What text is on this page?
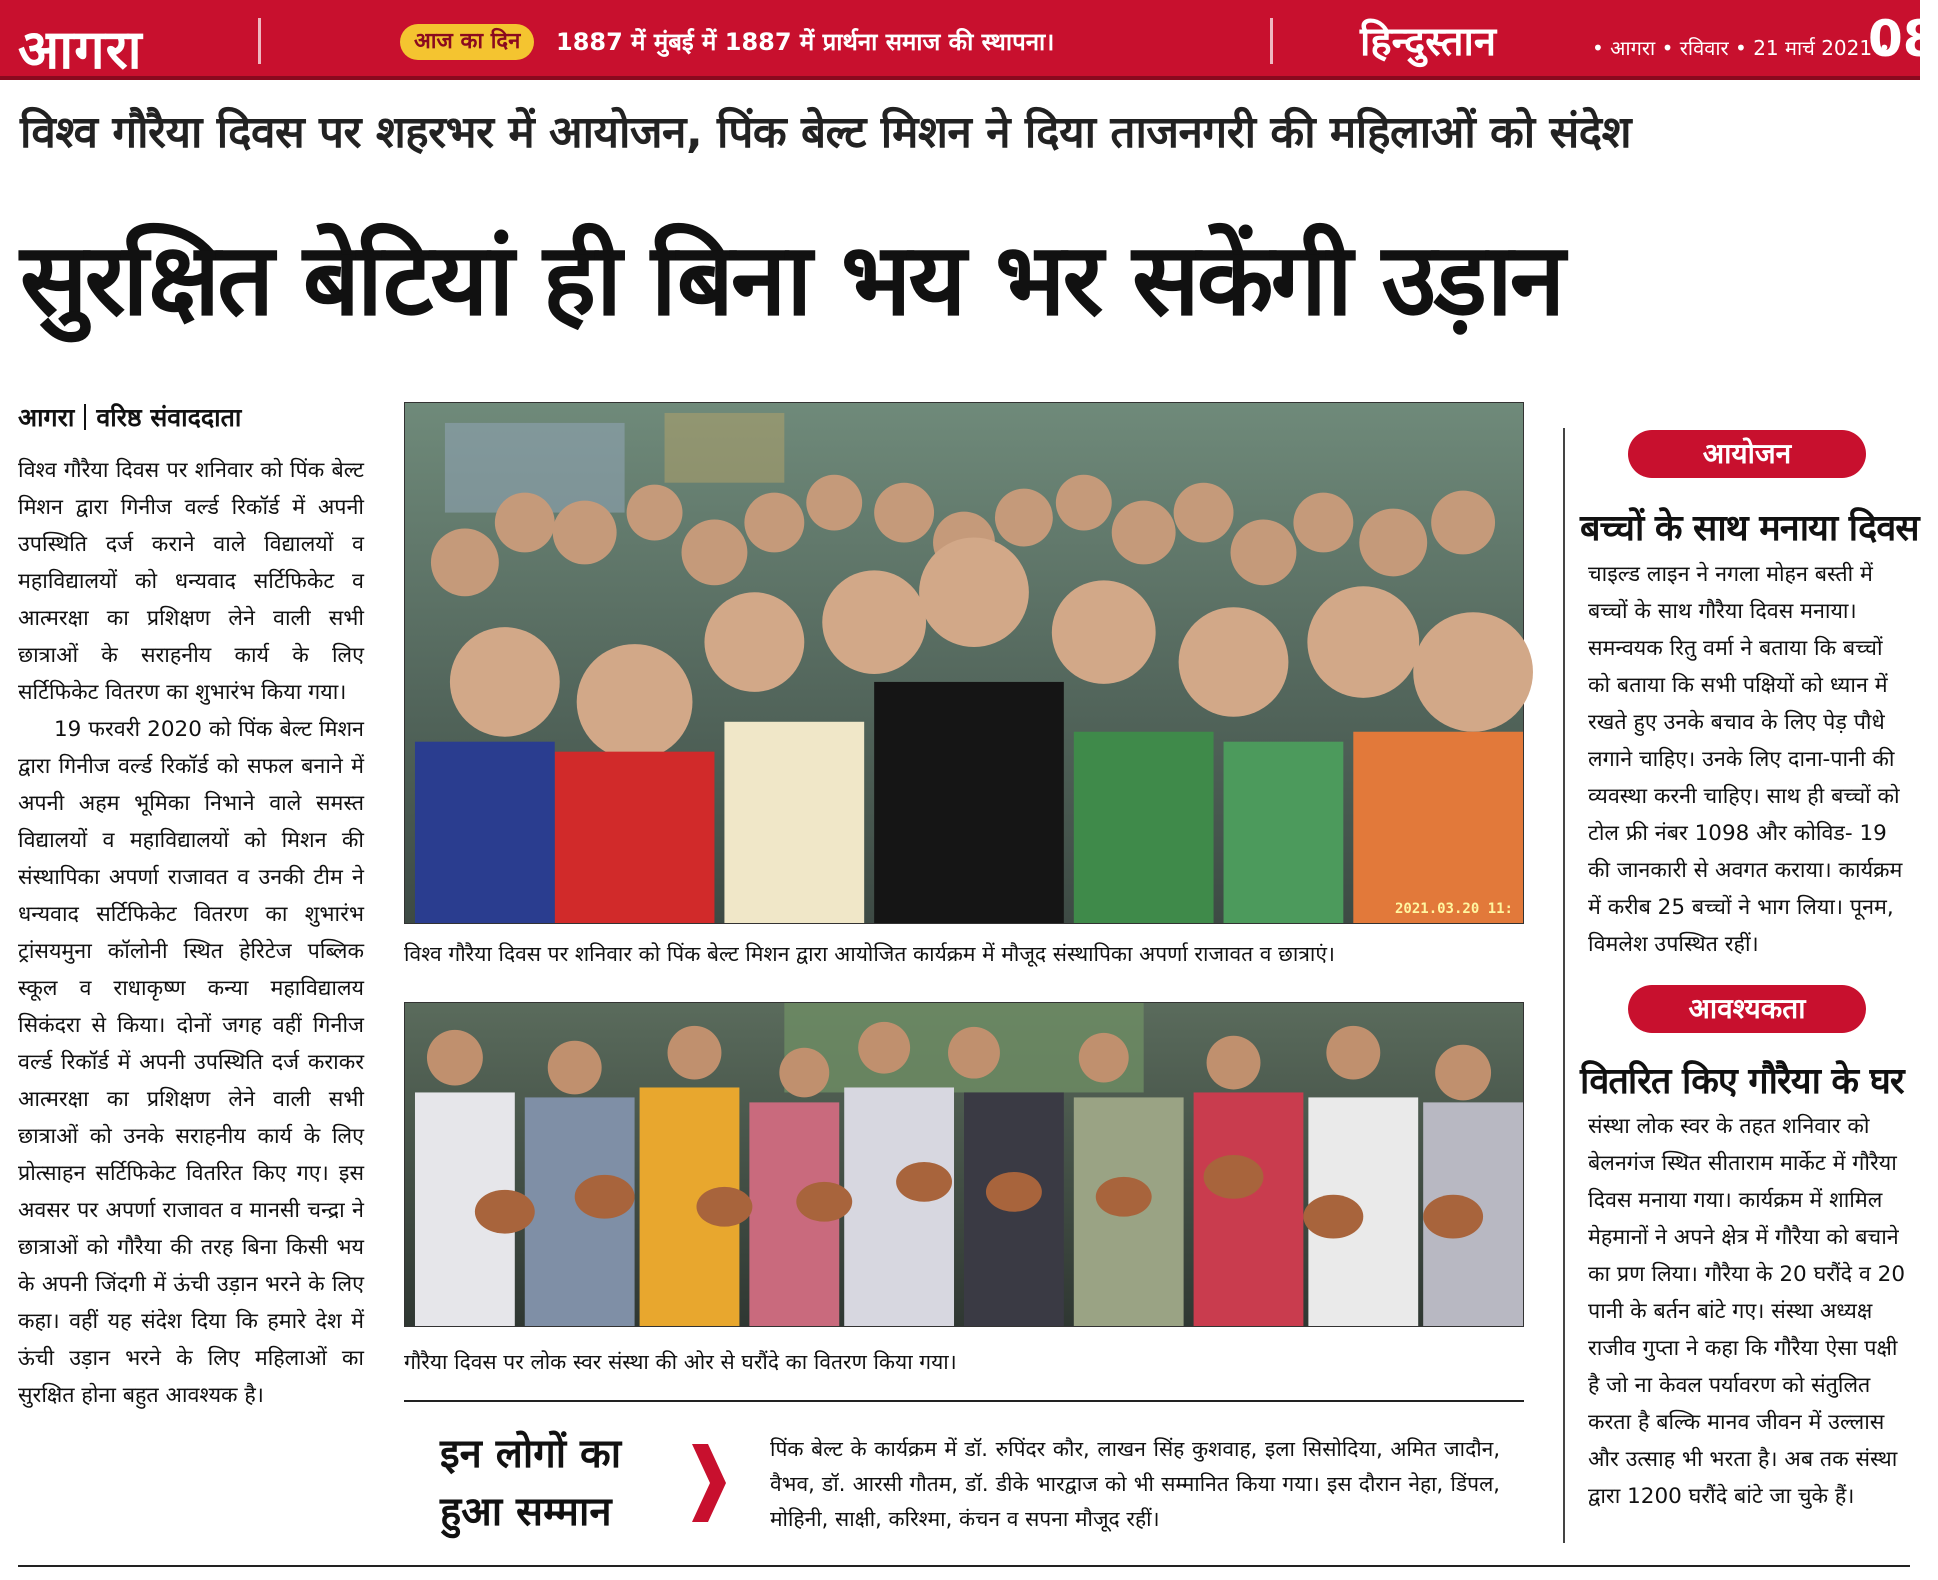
आगरा	आज का दिन	1887 में मुंबई में 1887 में प्रार्थना समाज की स्थापना।	हिन्दुस्तान	• आगरा • रविवार • 21 मार्च 2021 •
08
विश्व गौरैया दिवस पर शहरभर में आयोजन, पिंक बेल्ट मिशन ने दिया ताजनगरी की महिलाओं को संदेश
सुरक्षित बेटियां ही बिना भय भर सकेंगी उड़ान
आगरा वरिष्ठ संवाददाता

विश्व गौरैया दिवस पर शनिवार को पिंक बेल्ट मिशन द्वारा गिनीज वर्ल्ड रिकॉर्ड में अपनी उपस्थिति दर्ज कराने वाले विद्यालयों व महाविद्यालयों को धन्यवाद सर्टिफिकेट व आत्मरक्षा का प्रशिक्षण लेने वाली सभी छात्राओं के सराहनीय कार्य के लिए सर्टिफिकेट वितरण का शुभारंभ किया गया।

19 फरवरी 2020 को पिंक बेल्ट मिशन द्वारा गिनीज वर्ल्ड रिकॉर्ड को सफल बनाने में अपनी अहम भूमिका निभाने वाले समस्त विद्यालयों व महाविद्यालयों को मिशन की संस्थापिका अपर्णा राजावत व उनकी टीम ने धन्यवाद सर्टिफिकेट वितरण का शुभारंभ ट्रांसयमुना कॉलोनी स्थित हेरिटेज पब्लिक स्कूल व राधाकृष्ण कन्या महाविद्यालय सिकंदरा से किया। दोनों जगह वहीं गिनीज वर्ल्ड रिकॉर्ड में अपनी उपस्थिति दर्ज कराकर आत्मरक्षा का प्रशिक्षण लेने वाली सभी छात्राओं को उनके सराहनीय कार्य के लिए प्रोत्साहन सर्टिफिकेट वितरित किए गए। इस अवसर पर अपर्णा राजावत व मानसी चन्द्रा ने छात्राओं को गौरैया की तरह बिना किसी भय के अपनी जिंदगी में ऊंची उड़ान भरने के लिए कहा। वहीं यह संदेश दिया कि हमारे देश में ऊंची उड़ान भरने के लिए महिलाओं का सुरक्षित होना बहुत आवश्यक है।

2021.03.20 11:
विश्व गौरैया दिवस पर शनिवार को पिंक बेल्ट मिशन द्वारा आयोजित कार्यक्रम में मौजूद संस्थापिका अपर्णा राजावत व छात्राएं।
गौरैया दिवस पर लोक स्वर संस्था की ओर से घरौंदे का वितरण किया गया।
इन लोगों का हुआ सम्मान
पिंक बेल्ट के कार्यक्रम में डॉ. रुपिंदर कौर, लाखन सिंह कुशवाह, इला सिसोदिया, अमित जादौन, वैभव, डॉ. आरसी गौतम, डॉ. डीके भारद्वाज को भी सम्मानित किया गया। इस दौरान नेहा, डिंपल, मोहिनी, साक्षी, करिश्मा, कंचन व सपना मौजूद रहीं।
आयोजन
बच्चों के साथ मनाया दिवस
चाइल्ड लाइन ने नगला मोहन बस्ती में बच्चों के साथ गौरैया दिवस मनाया। समन्वयक रितु वर्मा ने बताया कि बच्चों को बताया कि सभी पक्षियों को ध्यान में रखते हुए उनके बचाव के लिए पेड़ पौधे लगाने चाहिए। उनके लिए दाना-पानी की व्यवस्था करनी चाहिए। साथ ही बच्चों को टोल फ्री नंबर 1098 और कोविड- 19 की जानकारी से अवगत कराया। कार्यक्रम में करीब 25 बच्चों ने भाग लिया। पूनम, विमलेश उपस्थित रहीं।
आवश्यकता
वितरित किए गौरैया के घर
संस्था लोक स्वर के तहत शनिवार को बेलनगंज स्थित सीताराम मार्केट में गौरैया दिवस मनाया गया। कार्यक्रम में शामिल मेहमानों ने अपने क्षेत्र में गौरैया को बचाने का प्रण लिया। गौरैया के 20 घरौंदे व 20 पानी के बर्तन बांटे गए। संस्था अध्यक्ष राजीव गुप्ता ने कहा कि गौरैया ऐसा पक्षी है जो ना केवल पर्यावरण को संतुलित करता है बल्कि मानव जीवन में उल्लास और उत्साह भी भरता है। अब तक संस्था द्वारा 1200 घरौंदे बांटे जा चुके हैं।
